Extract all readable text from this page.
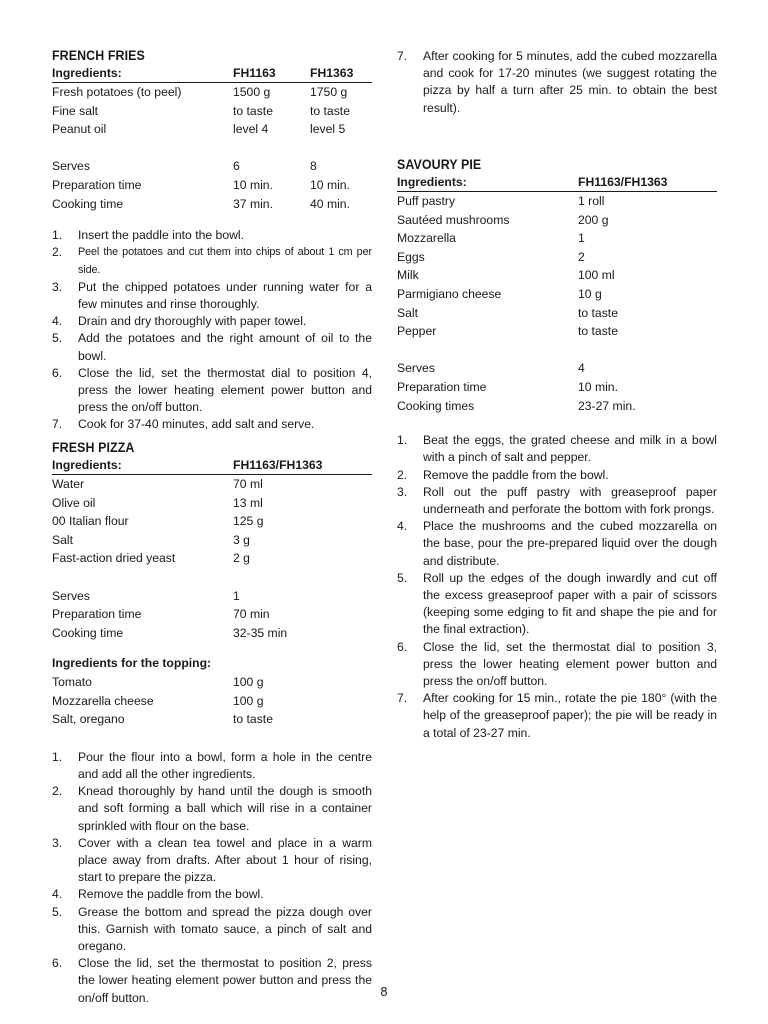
FRENCH FRIES
Ingredients:	FH1163	FH1363
Fresh potatoes (to peel)	1500 g	1750 g
Fine salt	to taste	to taste
Peanut oil	level 4	level 5
Serves	6	8
Preparation time	10 min.	10 min.
Cooking time	37 min.	40 min.
1.	Insert the paddle into the bowl.
2.	Peel the potatoes and cut them into chips of about 1 cm per side.
3.	Put the chipped potatoes under running water for a few minutes and rinse thoroughly.
4.	Drain and dry thoroughly with paper towel.
5.	Add the potatoes and the right amount of oil to the bowl.
6.	Close the lid, set the thermostat dial to position 4, press the lower heating element power button and press the on/off button.
7.	Cook for 37-40 minutes, add salt and serve.
FRESH PIZZA
Ingredients:	FH1163/FH1363
Water	70 ml
Olive oil	13 ml
00 Italian flour	125 g
Salt	3 g
Fast-action dried yeast	2 g
Serves	1
Preparation time	70 min
Cooking time	32-35 min
Ingredients for the topping:
Tomato	100 g
Mozzarella cheese	100 g
Salt, oregano	to taste
1.	Pour the flour into a bowl, form a hole in the centre and add all the other ingredients.
2.	Knead thoroughly by hand until the dough is smooth and soft forming a ball which will rise in a container sprinkled with flour on the base.
3.	Cover with a clean tea towel and place in a warm place away from drafts. After about 1 hour of rising, start to prepare the pizza.
4.	Remove the paddle from the bowl.
5.	Grease the bottom and spread the pizza dough over this. Garnish with tomato sauce, a pinch of salt and oregano.
6.	Close the lid, set the thermostat to position 2, press the lower heating element power button and press the on/off button.
7.	After cooking for 5 minutes, add the cubed mozzarella and cook for 17-20 minutes (we suggest rotating the pizza by half a turn after 25 min. to obtain the best result).
SAVOURY PIE
Ingredients:	FH1163/FH1363
Puff pastry	1 roll
Sautéed mushrooms	200 g
Mozzarella	1
Eggs	2
Milk	100 ml
Parmigiano cheese	10 g
Salt	to taste
Pepper	to taste
Serves	4
Preparation time	10 min.
Cooking times	23-27 min.
1.	Beat the eggs, the grated cheese and milk in a bowl with a pinch of salt and pepper.
2.	Remove the paddle from the bowl.
3.	Roll out the puff pastry with greaseproof paper underneath and perforate the bottom with fork prongs.
4.	Place the mushrooms and the cubed mozzarella on the base, pour the pre-prepared liquid over the dough and distribute.
5.	Roll up the edges of the dough inwardly and cut off the excess greaseproof paper with a pair of scissors (keeping some edging to fit and shape the pie and for the final extraction).
6.	Close the lid, set the thermostat dial to position 3, press the lower heating element power button and press the on/off button.
7.	After cooking for 15 min., rotate the pie 180° (with the help of the greaseproof paper); the pie will be ready in a total of 23-27 min.
8
